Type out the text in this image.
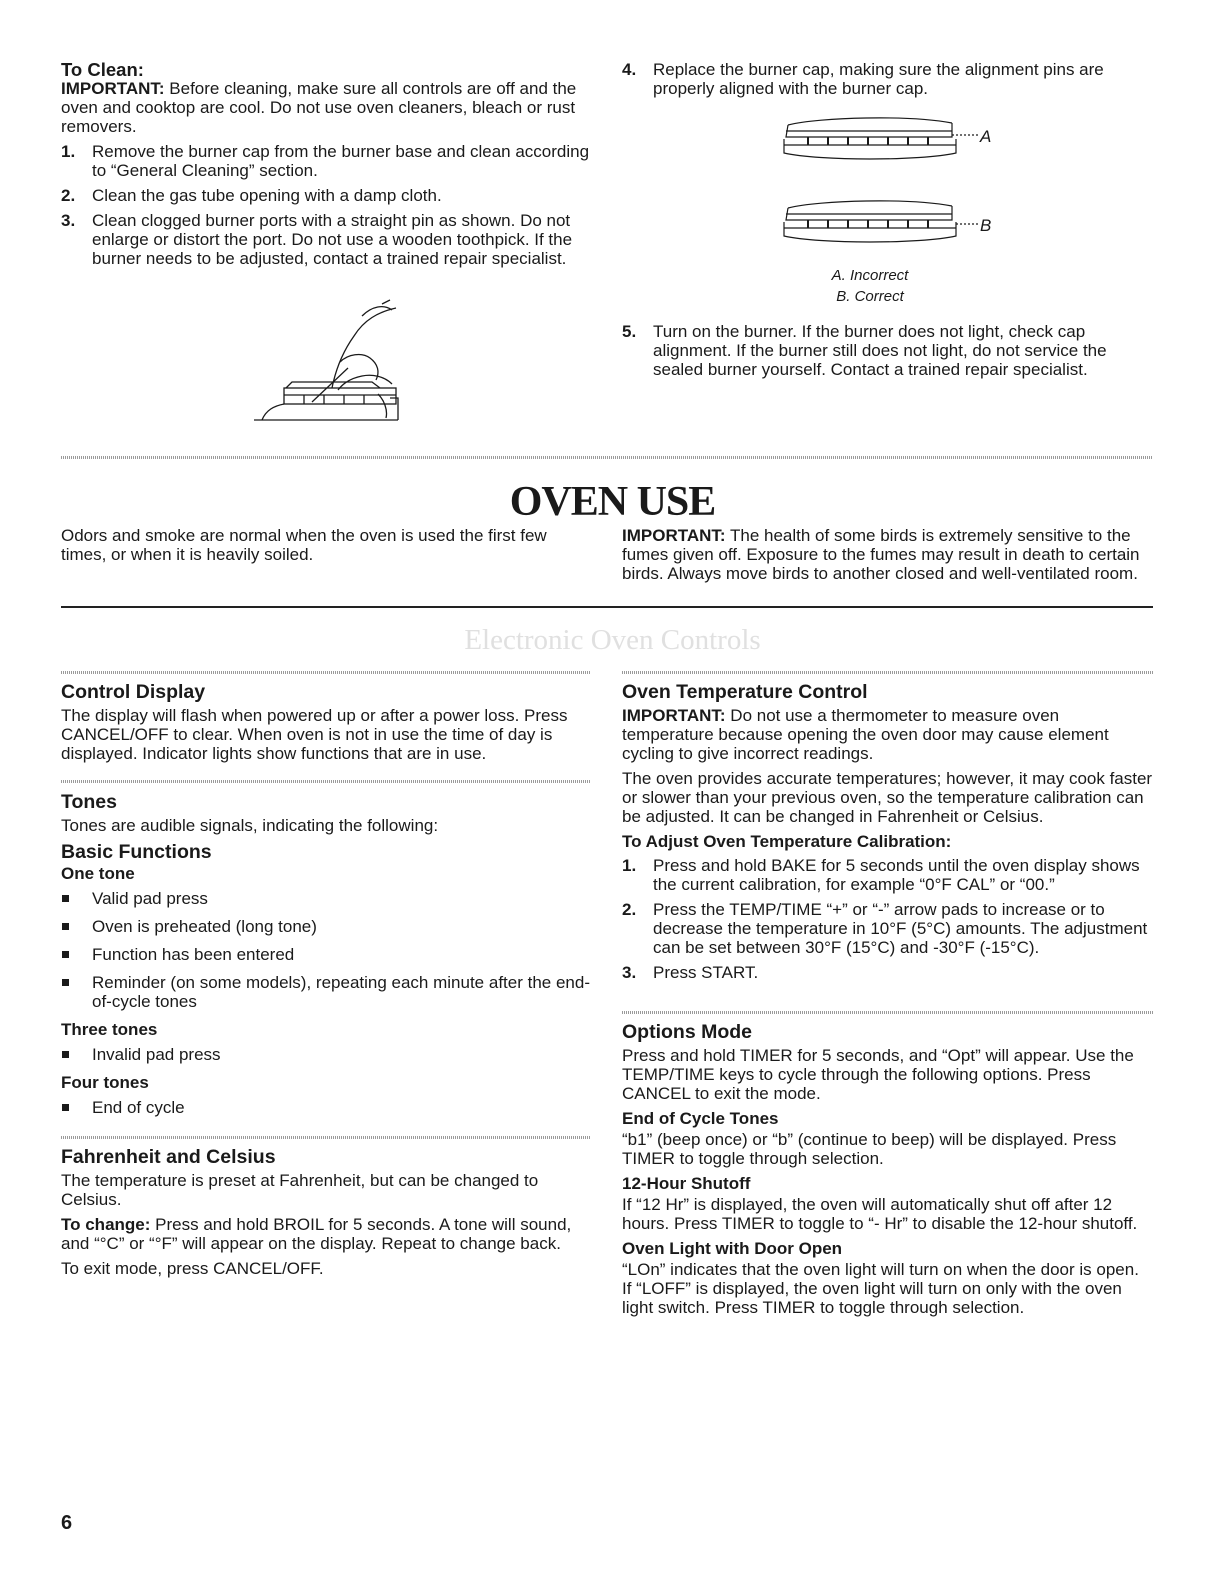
To Clean:

IMPORTANT: Before cleaning, make sure all controls are off and the oven and cooktop are cool. Do not use oven cleaners, bleach or rust removers.

1. Remove the burner cap from the burner base and clean according to “General Cleaning” section.
2. Clean the gas tube opening with a damp cloth.
3. Clean clogged burner ports with a straight pin as shown. Do not enlarge or distort the port. Do not use a wooden toothpick. If the burner needs to be adjusted, contact a trained repair specialist.
4. Replace the burner cap, making sure the alignment pins are properly aligned with the burner cap.
A
B
A. Incorrect
B. Correct
5. Turn on the burner. If the burner does not light, check cap alignment. If the burner still does not light, do not service the sealed burner yourself. Contact a trained repair specialist.
OVEN USE
Odors and smoke are normal when the oven is used the first few times, or when it is heavily soiled.
IMPORTANT: The health of some birds is extremely sensitive to the fumes given off. Exposure to the fumes may result in death to certain birds. Always move birds to another closed and well-ventilated room.
Electronic Oven Controls
Control Display

The display will flash when powered up or after a power loss. Press CANCEL/OFF to clear. When oven is not in use the time of day is displayed. Indicator lights show functions that are in use.

Tones

Tones are audible signals, indicating the following:

Basic Functions
One tone
Valid pad press
Oven is preheated (long tone)
Function has been entered
Reminder (on some models), repeating each minute after the end-of-cycle tones
Three tones
Invalid pad press
Four tones
End of cycle
Fahrenheit and Celsius

The temperature is preset at Fahrenheit, but can be changed to Celsius.

To change: Press and hold BROIL for 5 seconds. A tone will sound, and “°C” or “°F” will appear on the display. Repeat to change back.

To exit mode, press CANCEL/OFF.

Oven Temperature Control

IMPORTANT: Do not use a thermometer to measure oven temperature because opening the oven door may cause element cycling to give incorrect readings.

The oven provides accurate temperatures; however, it may cook faster or slower than your previous oven, so the temperature calibration can be adjusted. It can be changed in Fahrenheit or Celsius.

To Adjust Oven Temperature Calibration:
1. Press and hold BAKE for 5 seconds until the oven display shows the current calibration, for example “0°F CAL” or “00.”
2. Press the TEMP/TIME “+” or “-” arrow pads to increase or to decrease the temperature in 10°F (5°C) amounts. The adjustment can be set between 30°F (15°C) and -30°F (-15°C).
3. Press START.
Options Mode

Press and hold TIMER for 5 seconds, and “Opt” will appear. Use the TEMP/TIME keys to cycle through the following options. Press CANCEL to exit the mode.

End of Cycle Tones

“b1” (beep once) or “b” (continue to beep) will be displayed. Press TIMER to toggle through selection.

12-Hour Shutoff

If “12 Hr” is displayed, the oven will automatically shut off after 12 hours. Press TIMER to toggle to “- Hr” to disable the 12-hour shutoff.

Oven Light with Door Open

“LOn” indicates that the oven light will turn on when the door is open. If “LOFF” is displayed, the oven light will turn on only with the oven light switch. Press TIMER to toggle through selection.

6
